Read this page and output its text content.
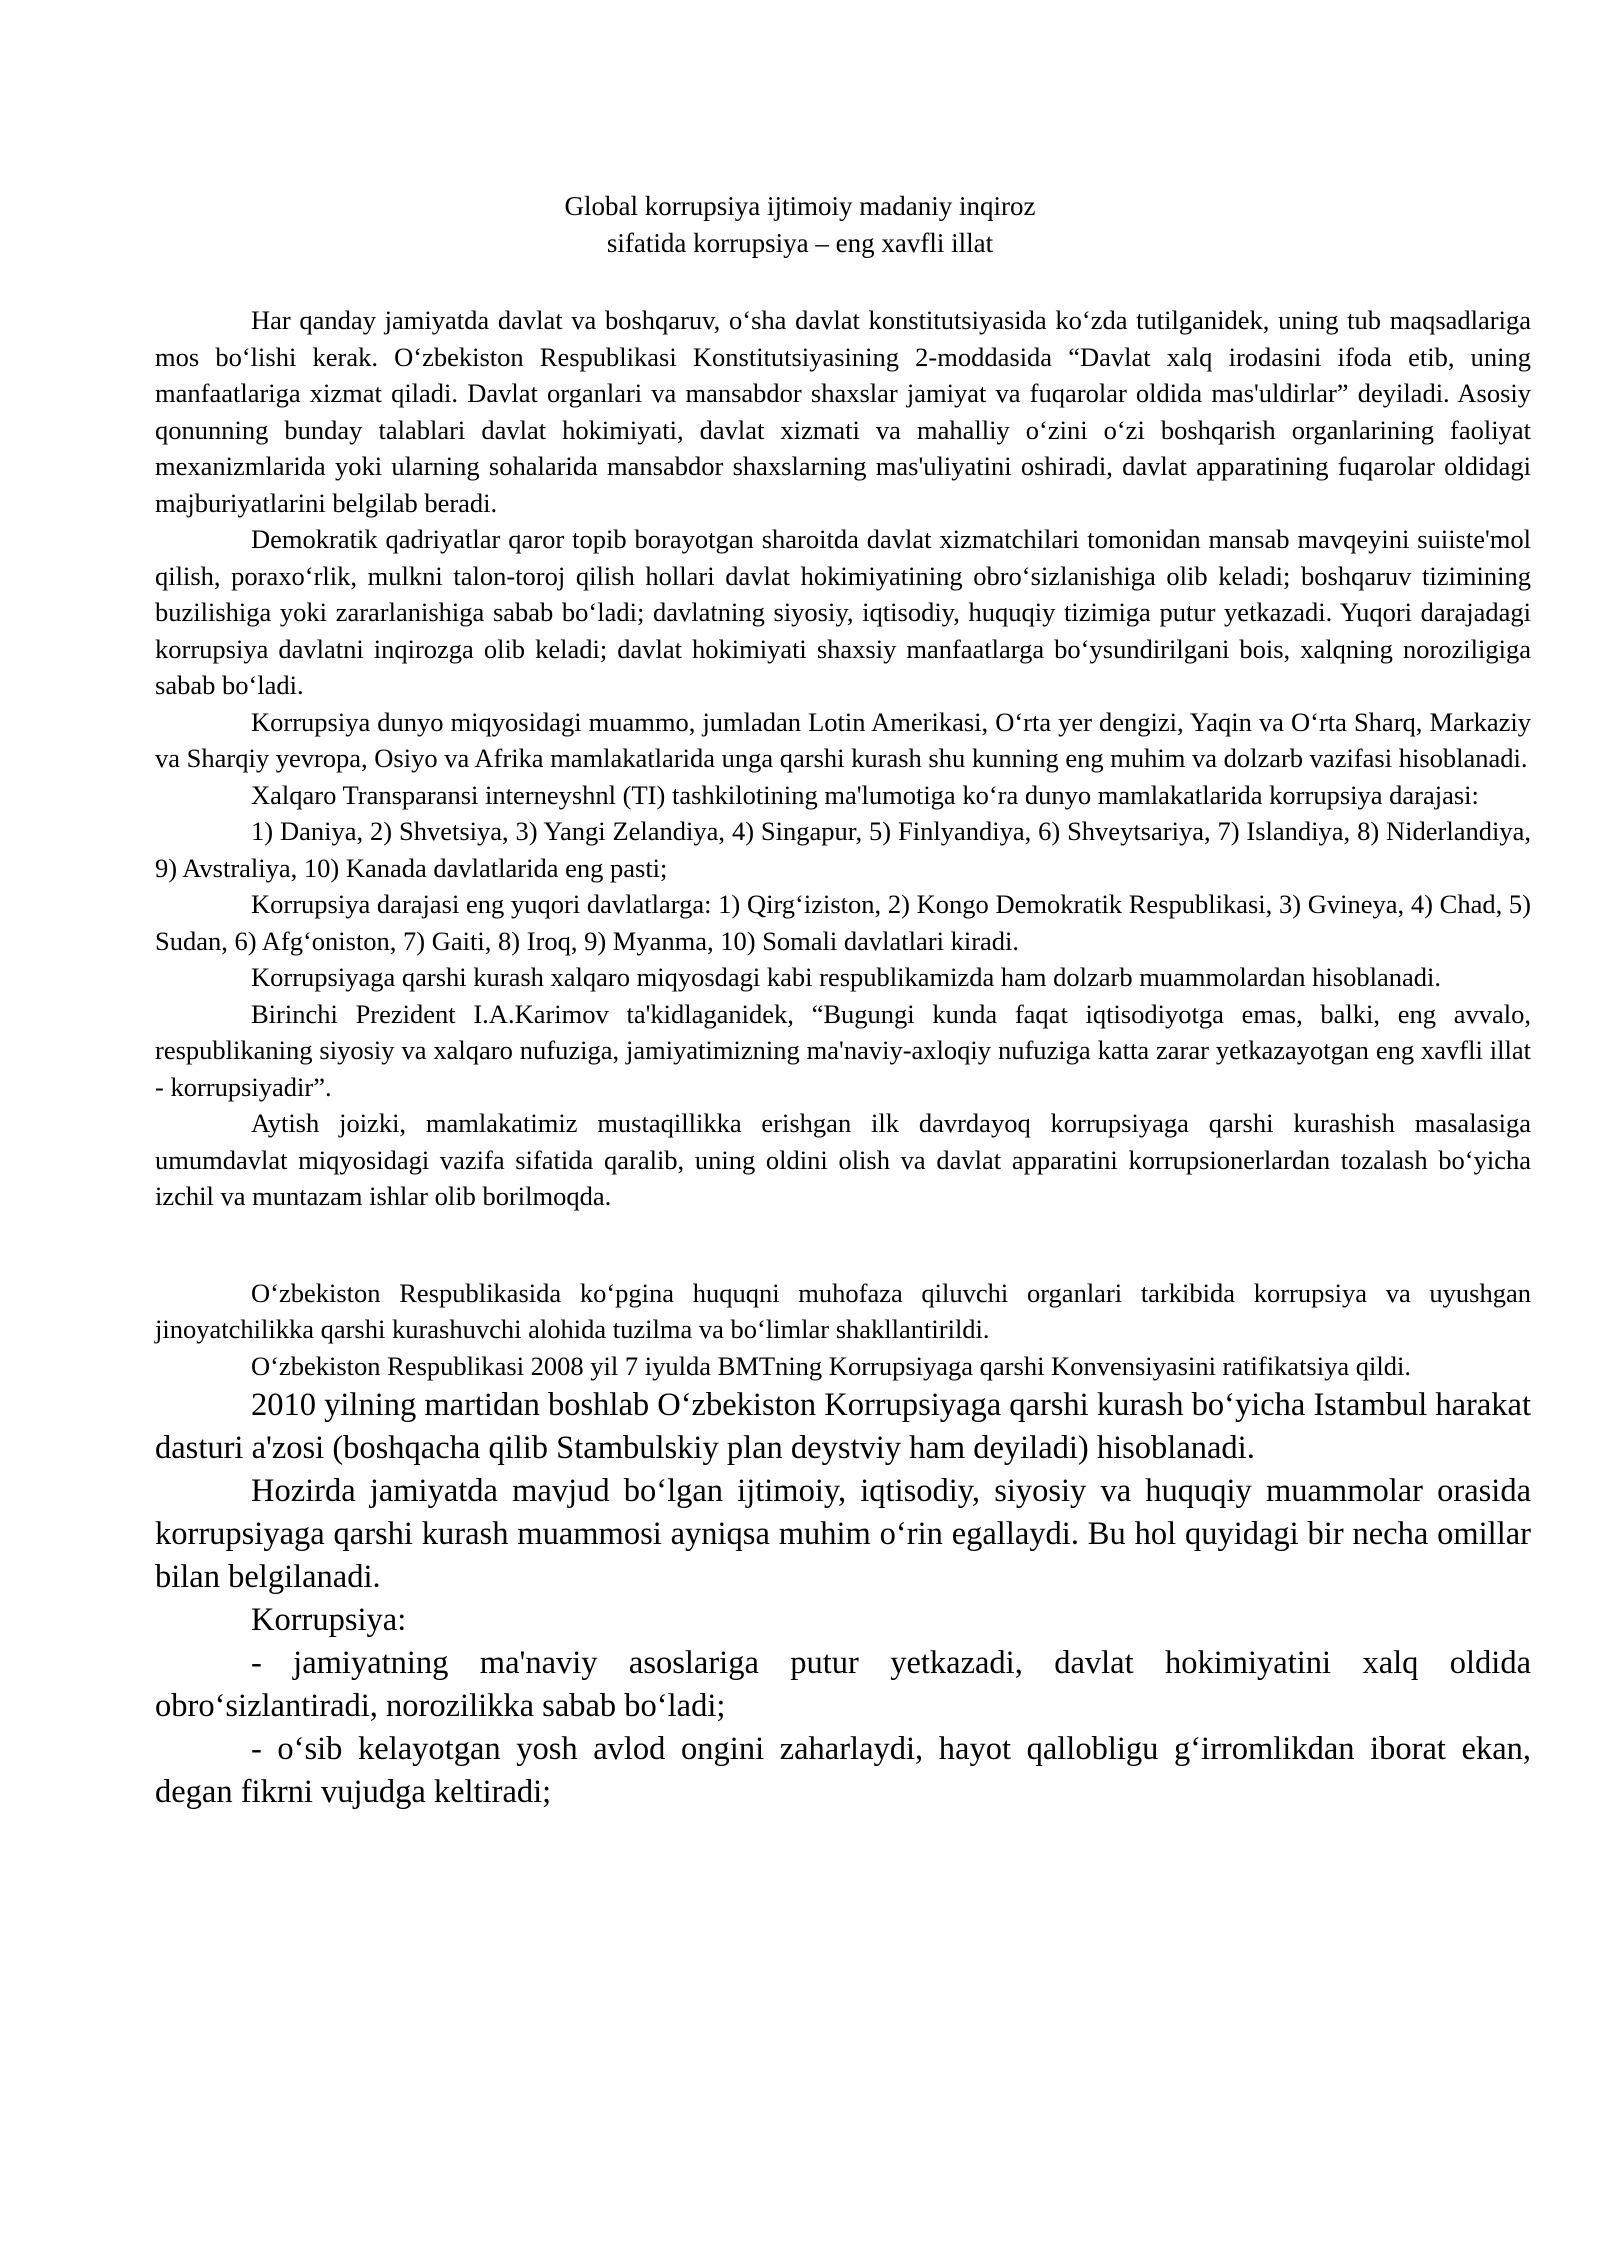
Global korrupsiya ijtimoiy madaniy inqiroz
sifatida korrupsiya – eng xavfli illat

Har qanday jamiyatda davlat va boshqaruv, o‘sha davlat konstitutsiyasida ko‘zda tutilganidek, uning tub maqsadlariga mos bo‘lishi kerak. O‘zbekiston Respublikasi Konstitutsiyasining 2-moddasida “Davlat xalq irodasini ifoda etib, uning manfaatlariga xizmat qiladi. Davlat organlari va mansabdor shaxslar jamiyat va fuqarolar oldida mas'uldirlar” deyiladi. Asosiy qonunning bunday talablari davlat hokimiyati, davlat xizmati va mahalliy o‘zini o‘zi boshqarish organlarining faoliyat mexanizmlarida yoki ularning sohalarida mansabdor shaxslarning mas'uliyatini oshiradi, davlat apparatining fuqarolar oldidagi majburiyatlarini belgilab beradi.

Demokratik qadriyatlar qaror topib borayotgan sharoitda davlat xizmatchilari tomonidan mansab mavqeyini suiiste'mol qilish, poraxo‘rlik, mulkni talon-toroj qilish hollari davlat hokimiyatining obro‘sizlanishiga olib keladi; boshqaruv tizimining buzilishiga yoki zararlanishiga sabab bo‘ladi; davlatning siyosiy, iqtisodiy, huquqiy tizimiga putur yetkazadi. Yuqori darajadagi korrupsiya davlatni inqirozga olib keladi; davlat hokimiyati shaxsiy manfaatlarga bo‘ysundirilgani bois, xalqning noroziligiga sabab bo‘ladi.

Korrupsiya dunyo miqyosidagi muammo, jumladan Lotin Amerikasi, O‘rta yer dengizi, Yaqin va O‘rta Sharq, Markaziy va Sharqiy yevropa, Osiyo va Afrika mamlakatlarida unga qarshi kurash shu kunning eng muhim va dolzarb vazifasi hisoblanadi.

Xalqaro Transparansi interneyshnl (TI) tashkilotining ma'lumotiga ko‘ra dunyo mamlakatlarida korrupsiya darajasi:

1) Daniya, 2) Shvetsiya, 3) Yangi Zelandiya, 4) Singapur, 5) Finlyandiya, 6) Shveytsariya, 7) Islandiya, 8) Niderlandiya, 9) Avstraliya, 10) Kanada davlatlarida eng pasti;

Korrupsiya darajasi eng yuqori davlatlarga: 1) Qirg‘iziston, 2) Kongo Demokratik Respublikasi, 3) Gvineya, 4) Chad, 5) Sudan, 6) Afg‘oniston, 7) Gaiti, 8) Iroq, 9) Myanma, 10) Somali davlatlari kiradi.

Korrupsiyaga qarshi kurash xalqaro miqyosdagi kabi respublikamizda ham dolzarb muammolardan hisoblanadi.

Birinchi Prezident I.A.Karimov ta'kidlaganidek, “Bugungi kunda faqat iqtisodiyotga emas, balki, eng avvalo, respublikaning siyosiy va xalqaro nufuziga, jamiyatimizning ma'naviy-axloqiy nufuziga katta zarar yetkazayotgan eng xavfli illat - korrupsiyadir”.

Aytish joizki, mamlakatimiz mustaqillikka erishgan ilk davrdayoq korrupsiyaga qarshi kurashish masalasiga umumdavlat miqyosidagi vazifa sifatida qaralib, uning oldini olish va davlat apparatini korrupsionerlardan tozalash bo‘yicha izchil va muntazam ishlar olib borilmoqda.

O‘zbekiston Respublikasida ko‘pgina huquqni muhofaza qiluvchi organlari tarkibida korrupsiya va uyushgan jinoyatchilikka qarshi kurashuvchi alohida tuzilma va bo‘limlar shakllantirildi.

O‘zbekiston Respublikasi 2008 yil 7 iyulda BMTning Korrupsiyaga qarshi Konvensiyasini ratifikatsiya qildi.

2010 yilning martidan boshlab O‘zbekiston Korrupsiyaga qarshi kurash bo‘yicha Istambul harakat dasturi a'zosi (boshqacha qilib Stambulskiy plan deystviy ham deyiladi) hisoblanadi.

Hozirda jamiyatda mavjud bo‘lgan ijtimoiy, iqtisodiy, siyosiy va huquqiy muammolar orasida korrupsiyaga qarshi kurash muammosi ayniqsa muhim o‘rin egallaydi. Bu hol quyidagi bir necha omillar bilan belgilanadi.

Korrupsiya:

- jamiyatning ma'naviy asoslariga putur yetkazadi, davlat hokimiyatini xalq oldida obro‘sizlantiradi, norozilikka sabab bo‘ladi;

- o‘sib kelayotgan yosh avlod ongini zaharlaydi, hayot qallobligu g‘irromlikdan iborat ekan, degan fikrni vujudga keltiradi;
